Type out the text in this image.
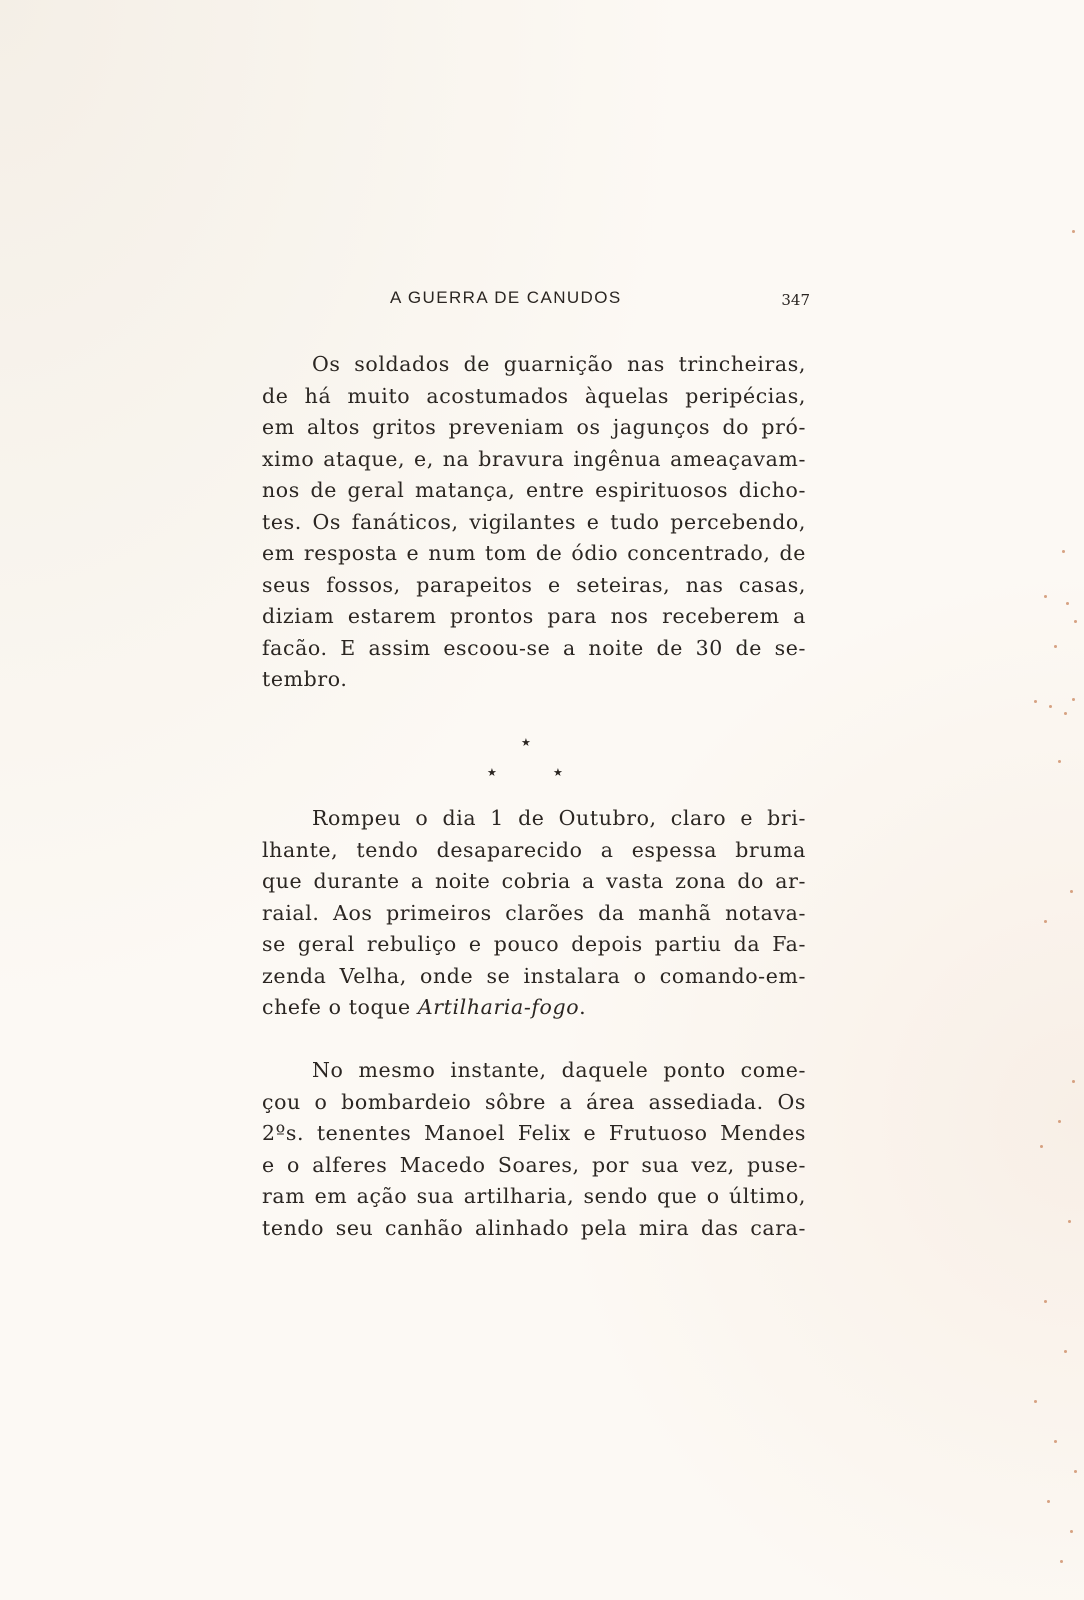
A GUERRA DE CANUDOS	347
Os soldados de guarnição nas trincheiras,
de há muito acostumados àquelas peripécias,
em altos gritos preveniam os jagunços do pró-
ximo ataque, e, na bravura ingênua ameaçavam-
nos de geral matança, entre espirituosos dicho-
tes. Os fanáticos, vigilantes e tudo percebendo,
em resposta e num tom de ódio concentrado, de
seus fossos, parapeitos e seteiras, nas casas,
diziam estarem prontos para nos receberem a
facão. E assim escoou-se a noite de 30 de se-
tembro.
★
★	★
Rompeu o dia 1 de Outubro, claro e bri-
lhante, tendo desaparecido a espessa bruma
que durante a noite cobria a vasta zona do ar-
raial. Aos primeiros clarões da manhã notava-
se geral rebuliço e pouco depois partiu da Fa-
zenda Velha, onde se instalara o comando-em-
chefe o toque Artilharia-fogo.
No mesmo instante, daquele ponto come-
çou o bombardeio sôbre a área assediada. Os
2ºs. tenentes Manoel Felix e Frutuoso Mendes
e o alferes Macedo Soares, por sua vez, puse-
ram em ação sua artilharia, sendo que o último,
tendo seu canhão alinhado pela mira das cara-
